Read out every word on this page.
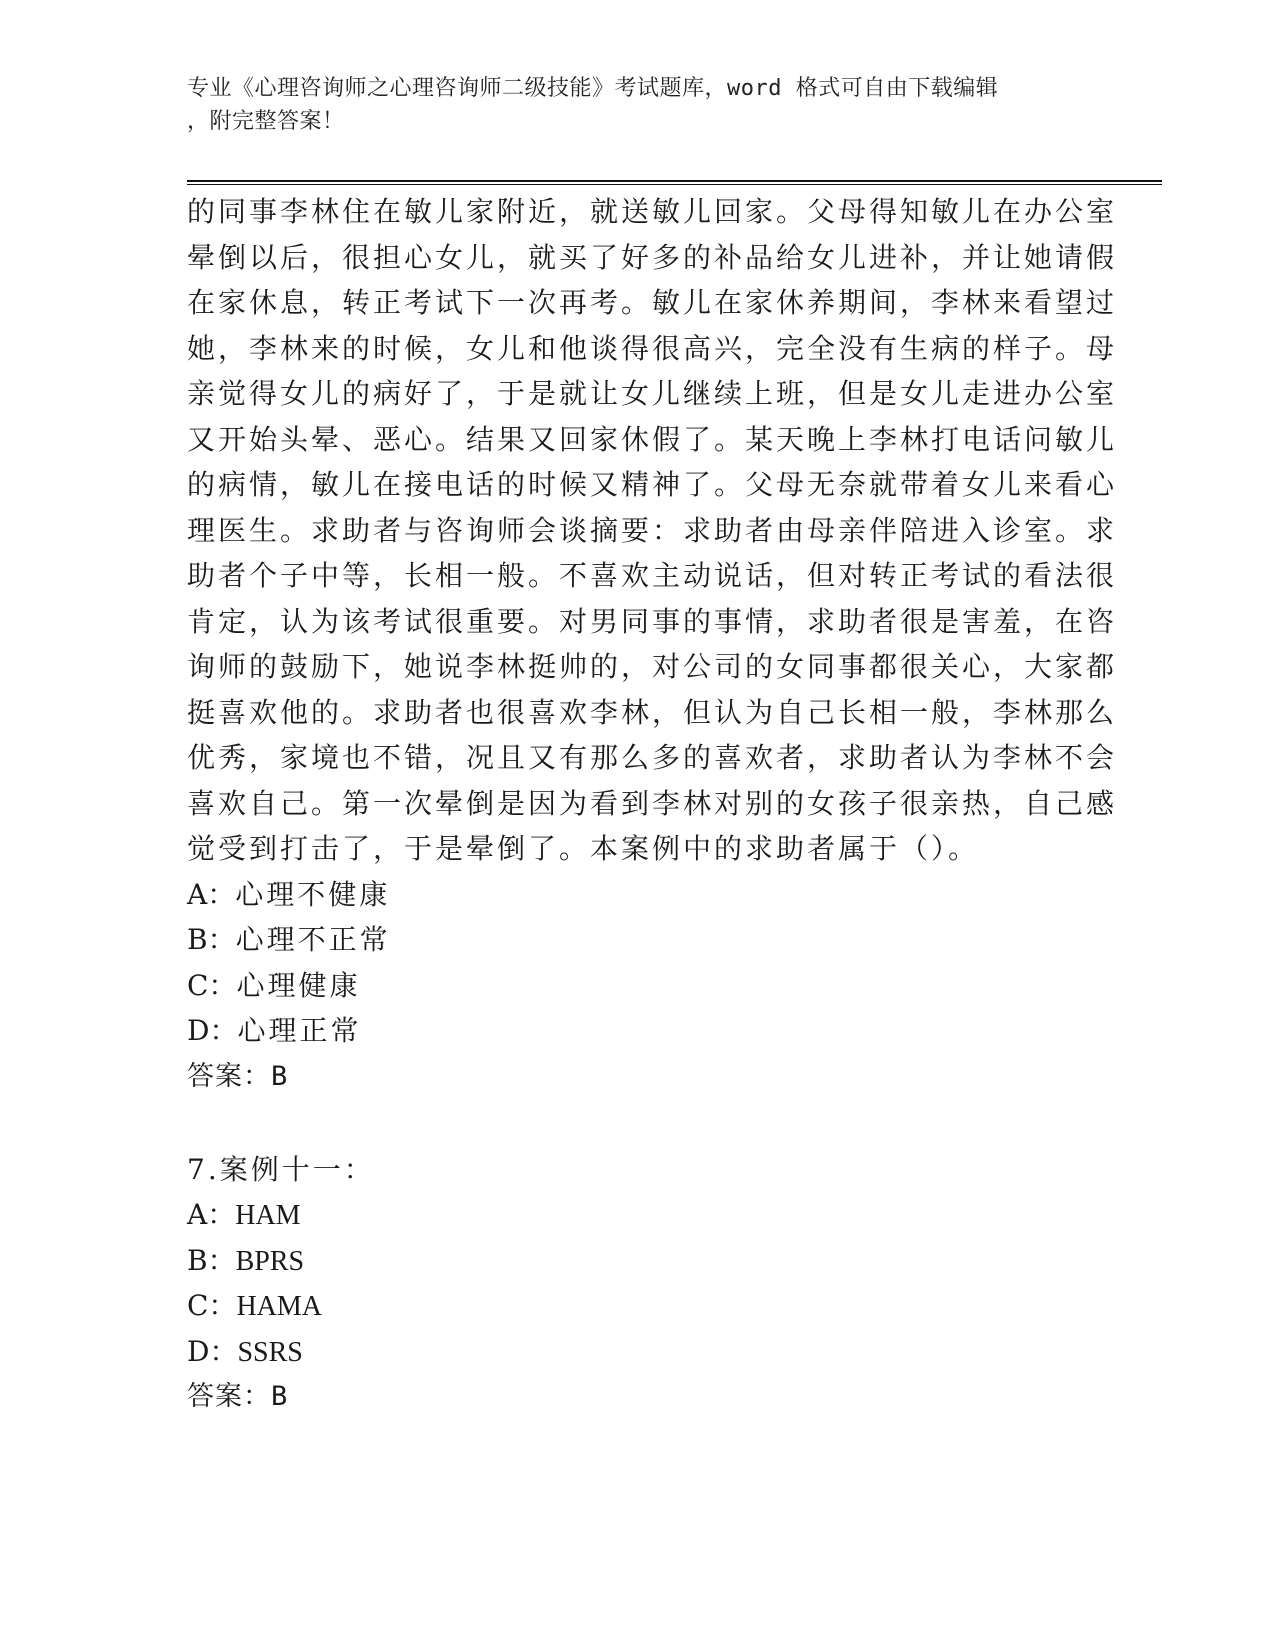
专业《心理咨询师之心理咨询师二级技能》考试题库，word 格式可自由下载编辑
，附完整答案！
的同事李林住在敏儿家附近，就送敏儿回家。父母得知敏儿在办公室
晕倒以后，很担心女儿，就买了好多的补品给女儿进补，并让她请假
在家休息，转正考试下一次再考。敏儿在家休养期间，李林来看望过
她，李林来的时候，女儿和他谈得很高兴，完全没有生病的样子。母
亲觉得女儿的病好了，于是就让女儿继续上班，但是女儿走进办公室
又开始头晕、恶心。结果又回家休假了。某天晚上李林打电话问敏儿
的病情，敏儿在接电话的时候又精神了。父母无奈就带着女儿来看心
理医生。求助者与咨询师会谈摘要：求助者由母亲伴陪进入诊室。求
助者个子中等，长相一般。不喜欢主动说话，但对转正考试的看法很
肯定，认为该考试很重要。对男同事的事情，求助者很是害羞，在咨
询师的鼓励下，她说李林挺帅的，对公司的女同事都很关心，大家都
挺喜欢他的。求助者也很喜欢李林，但认为自己长相一般，李林那么
优秀，家境也不错，况且又有那么多的喜欢者，求助者认为李林不会
喜欢自己。第一次晕倒是因为看到李林对别的女孩子很亲热，自己感
觉受到打击了，于是晕倒了。本案例中的求助者属于（）。
A：心理不健康
B：心理不正常
C：心理健康
D：心理正常
答案：B
7.案例十一：
A：HAM
B：BPRS
C：HAMA
D：SSRS
答案：B
